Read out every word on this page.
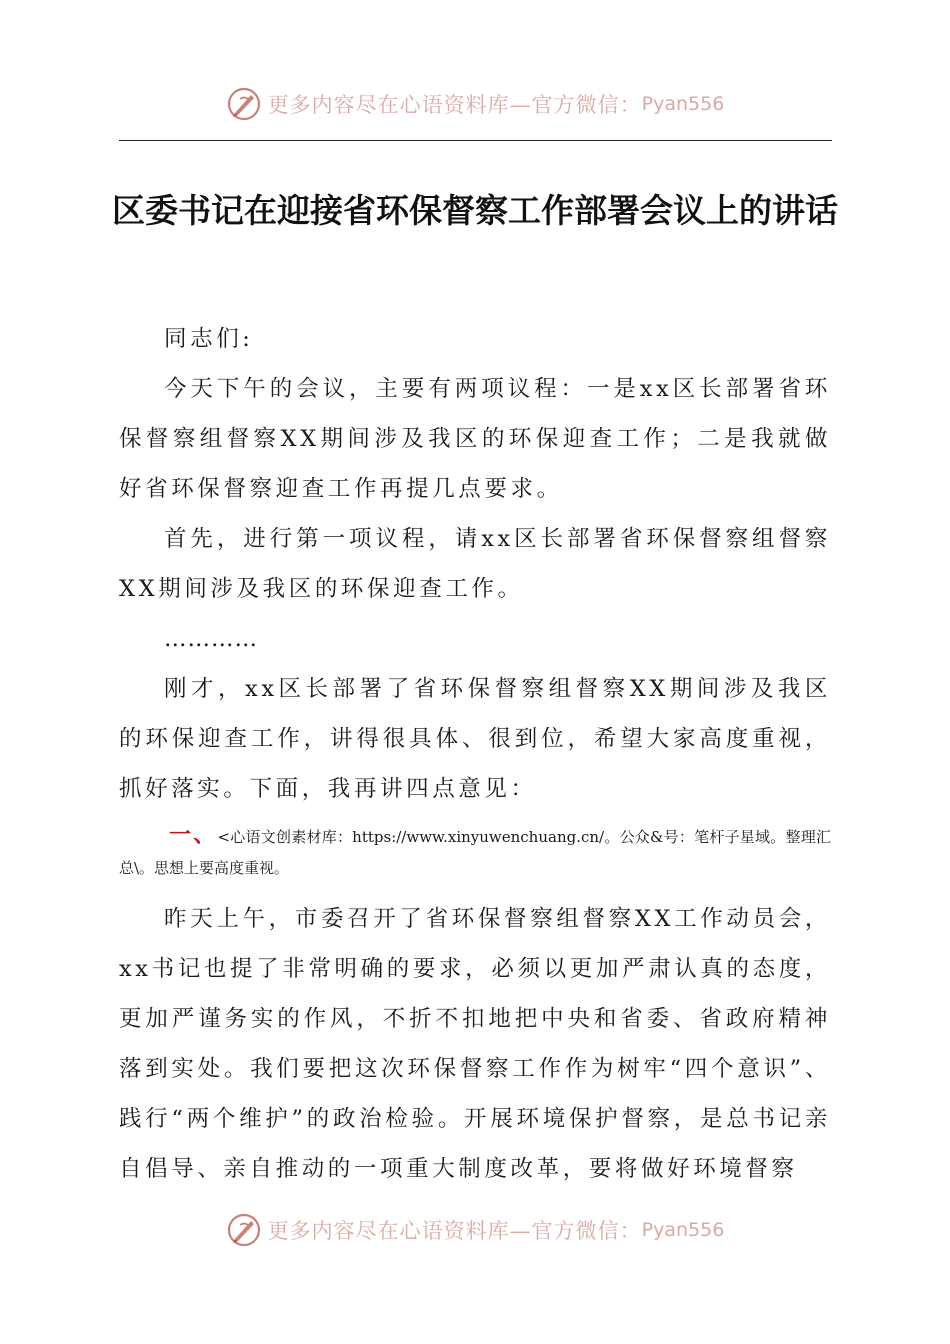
更多内容尽在心语资料库—官方微信： Pyan556
区委书记在迎接省环保督察工作部署会议上的讲话

同志们:

今天下午的会议，主要有两项议程：一是xx区长部署省环保督察组督察XX期间涉及我区的环保迎查工作；二是我就做好省环保督察迎查工作再提几点要求。

首先，进行第一项议程，请xx区长部署省环保督察组督察XX期间涉及我区的环保迎查工作。

…………

刚才，xx区长部署了省环保督察组督察XX期间涉及我区的环保迎查工作，讲得很具体、很到位，希望大家高度重视，抓好落实。下面，我再讲四点意见：

一、<心语文创素材库：https://www.xinyuwenchuang.cn/。公众&号：笔杆子星域。整理汇总\。思想上要高度重视。

昨天上午，市委召开了省环保督察组督察XX工作动员会，xx书记也提了非常明确的要求，必须以更加严肃认真的态度，更加严谨务实的作风，不折不扣地把中央和省委、省政府精神落到实处。我们要把这次环保督察工作作为树牢“四个意识”、践行“两个维护”的政治检验。开展环境保护督察，是总书记亲自倡导、亲自推动的一项重大制度改革，要将做好环境督察

更多内容尽在心语资料库—官方微信： Pyan556
